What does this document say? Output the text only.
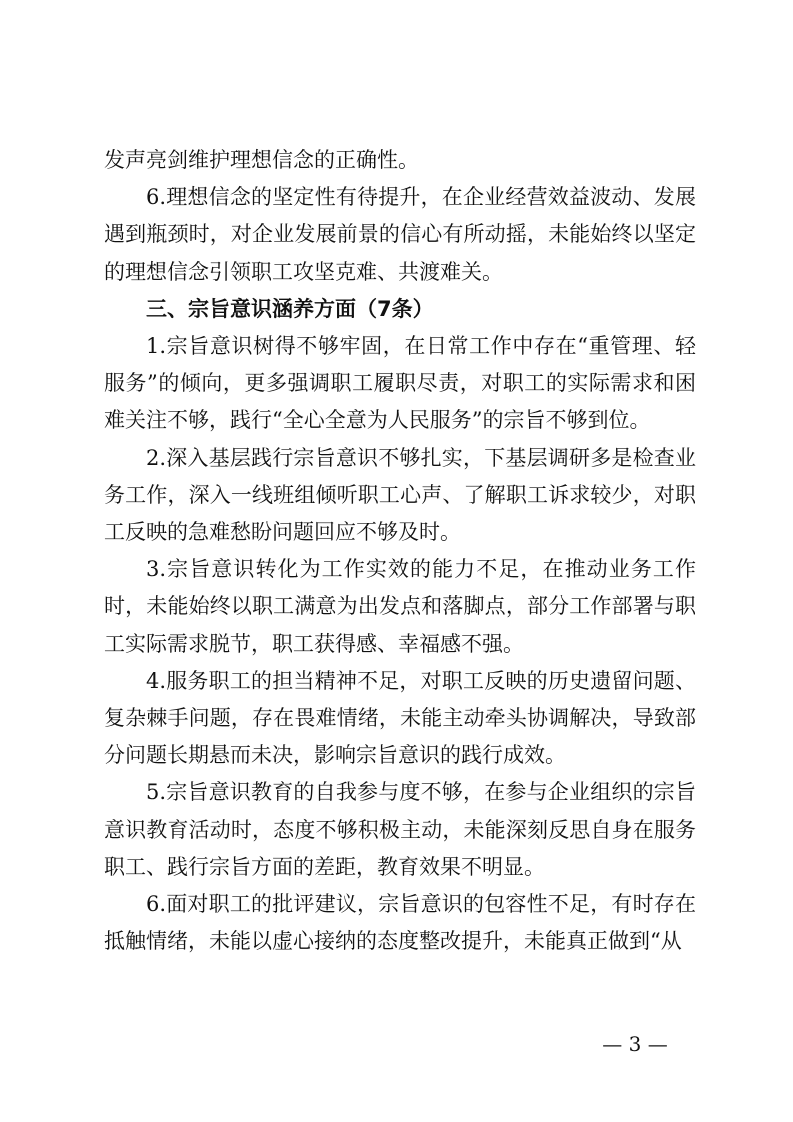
发声亮剑维护理想信念的正确性。

6.理想信念的坚定性有待提升，在企业经营效益波动、发展遇到瓶颈时，对企业发展前景的信心有所动摇，未能始终以坚定的理想信念引领职工攻坚克难、共渡难关。

三、宗旨意识涵养方面（7条）

1.宗旨意识树得不够牢固，在日常工作中存在“重管理、轻服务”的倾向，更多强调职工履职尽责，对职工的实际需求和困难关注不够，践行“全心全意为人民服务”的宗旨不够到位。

2.深入基层践行宗旨意识不够扎实，下基层调研多是检查业务工作，深入一线班组倾听职工心声、了解职工诉求较少，对职工反映的急难愁盼问题回应不够及时。

3.宗旨意识转化为工作实效的能力不足，在推动业务工作时，未能始终以职工满意为出发点和落脚点，部分工作部署与职工实际需求脱节，职工获得感、幸福感不强。

4.服务职工的担当精神不足，对职工反映的历史遗留问题、复杂棘手问题，存在畏难情绪，未能主动牵头协调解决，导致部分问题长期悬而未决，影响宗旨意识的践行成效。

5.宗旨意识教育的自我参与度不够，在参与企业组织的宗旨意识教育活动时，态度不够积极主动，未能深刻反思自身在服务职工、践行宗旨方面的差距，教育效果不明显。

6.面对职工的批评建议，宗旨意识的包容性不足，有时存在抵触情绪，未能以虚心接纳的态度整改提升，未能真正做到“从

— 3 —
